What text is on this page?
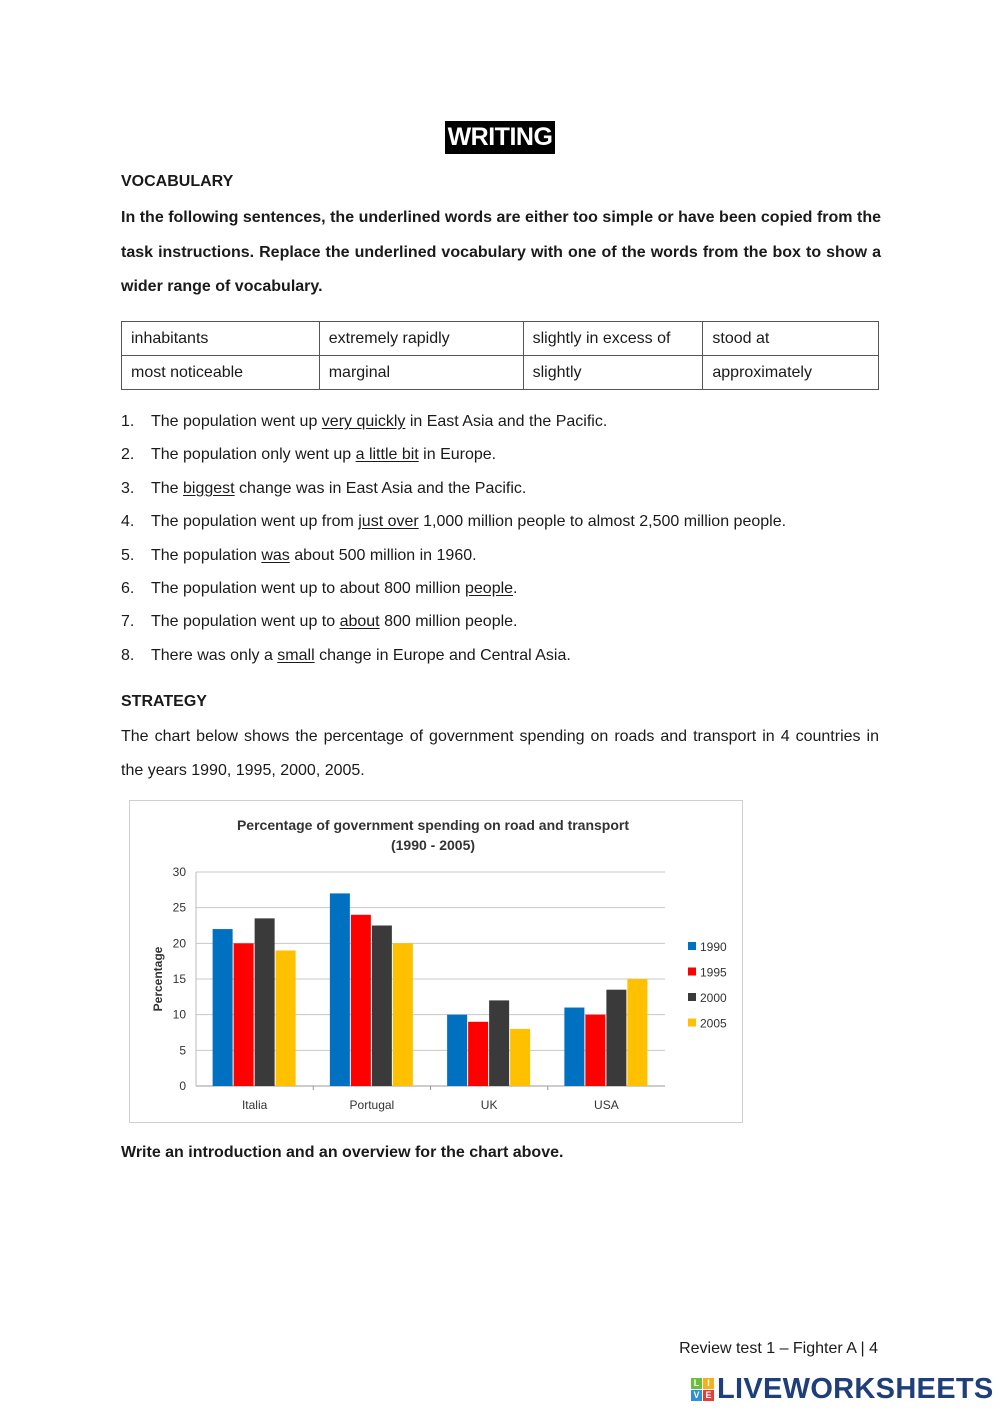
WRITING
VOCABULARY
In the following sentences, the underlined words are either too simple or have been copied from the task instructions. Replace the underlined vocabulary with one of the words from the box to show a wider range of vocabulary.
inhabitants	extremely rapidly	slightly in excess of	stood at
most noticeable	marginal	slightly	approximately
1. The population went up very quickly in East Asia and the Pacific.
2. The population only went up a little bit in Europe.
3. The biggest change was in East Asia and the Pacific.
4. The population went up from just over 1,000 million people to almost 2,500 million people.
5. The population was about 500 million in 1960.
6. The population went up to about 800 million people.
7. The population went up to about 800 million people.
8. There was only a small change in Europe and Central Asia.
STRATEGY
The chart below shows the percentage of government spending on roads and transport in 4 countries in the years 1990, 1995, 2000, 2005.
Percentage of government spending on road and transport
(1990 - 2005)
Percentage
Italia	Portugal	UK	USA
0
5
10
15
20
25
30
1990
1995
2000
2005
Write an introduction and an overview for the chart above.
Review test 1 – Fighter A | 4
L I
V E LIVEWORKSHEETS
